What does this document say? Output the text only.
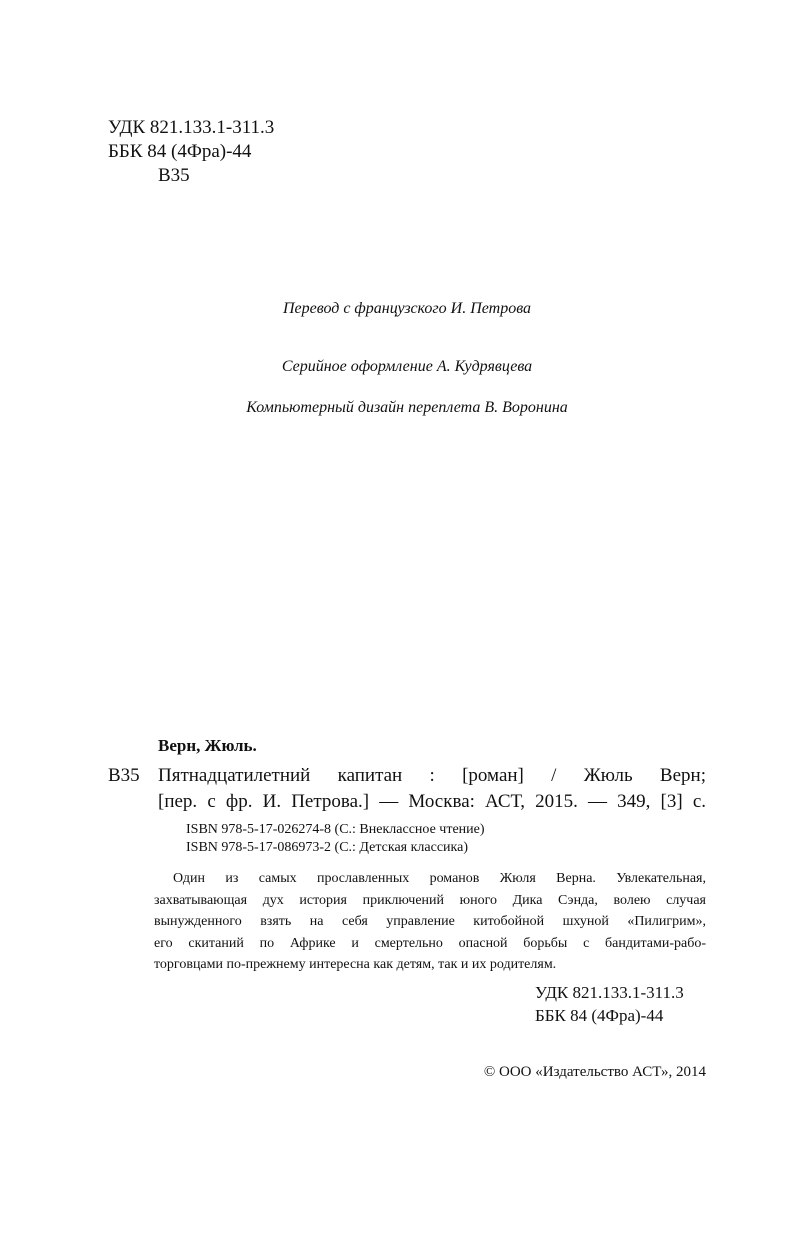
УДК 821.133.1-311.3
ББК 84 (4Фра)-44
В35
Перевод с французского И. Петрова
Серийное оформление А. Кудрявцева
Компьютерный дизайн переплета В. Воронина
Верн, Жюль.
В35 Пятнадцатилетний капитан : [роман] / Жюль Верн;
[пер. с фр. И. Петрова.] — Москва: АСТ, 2015. — 349, [3] с.
ISBN 978-5-17-026274-8 (С.: Внеклассное чтение)
ISBN 978-5-17-086973-2 (С.: Детская классика)
Один из самых прославленных романов Жюля Верна. Увлекательная,
захватывающая дух история приключений юного Дика Сэнда, волею случая
вынужденного взять на себя управление китобойной шхуной «Пилигрим»,
его скитаний по Африке и смертельно опасной борьбы с бандитами-рабо-
торговцами по-прежнему интересна как детям, так и их родителям.
УДК 821.133.1-311.3
ББК 84 (4Фра)-44
© ООО «Издательство АСТ», 2014
